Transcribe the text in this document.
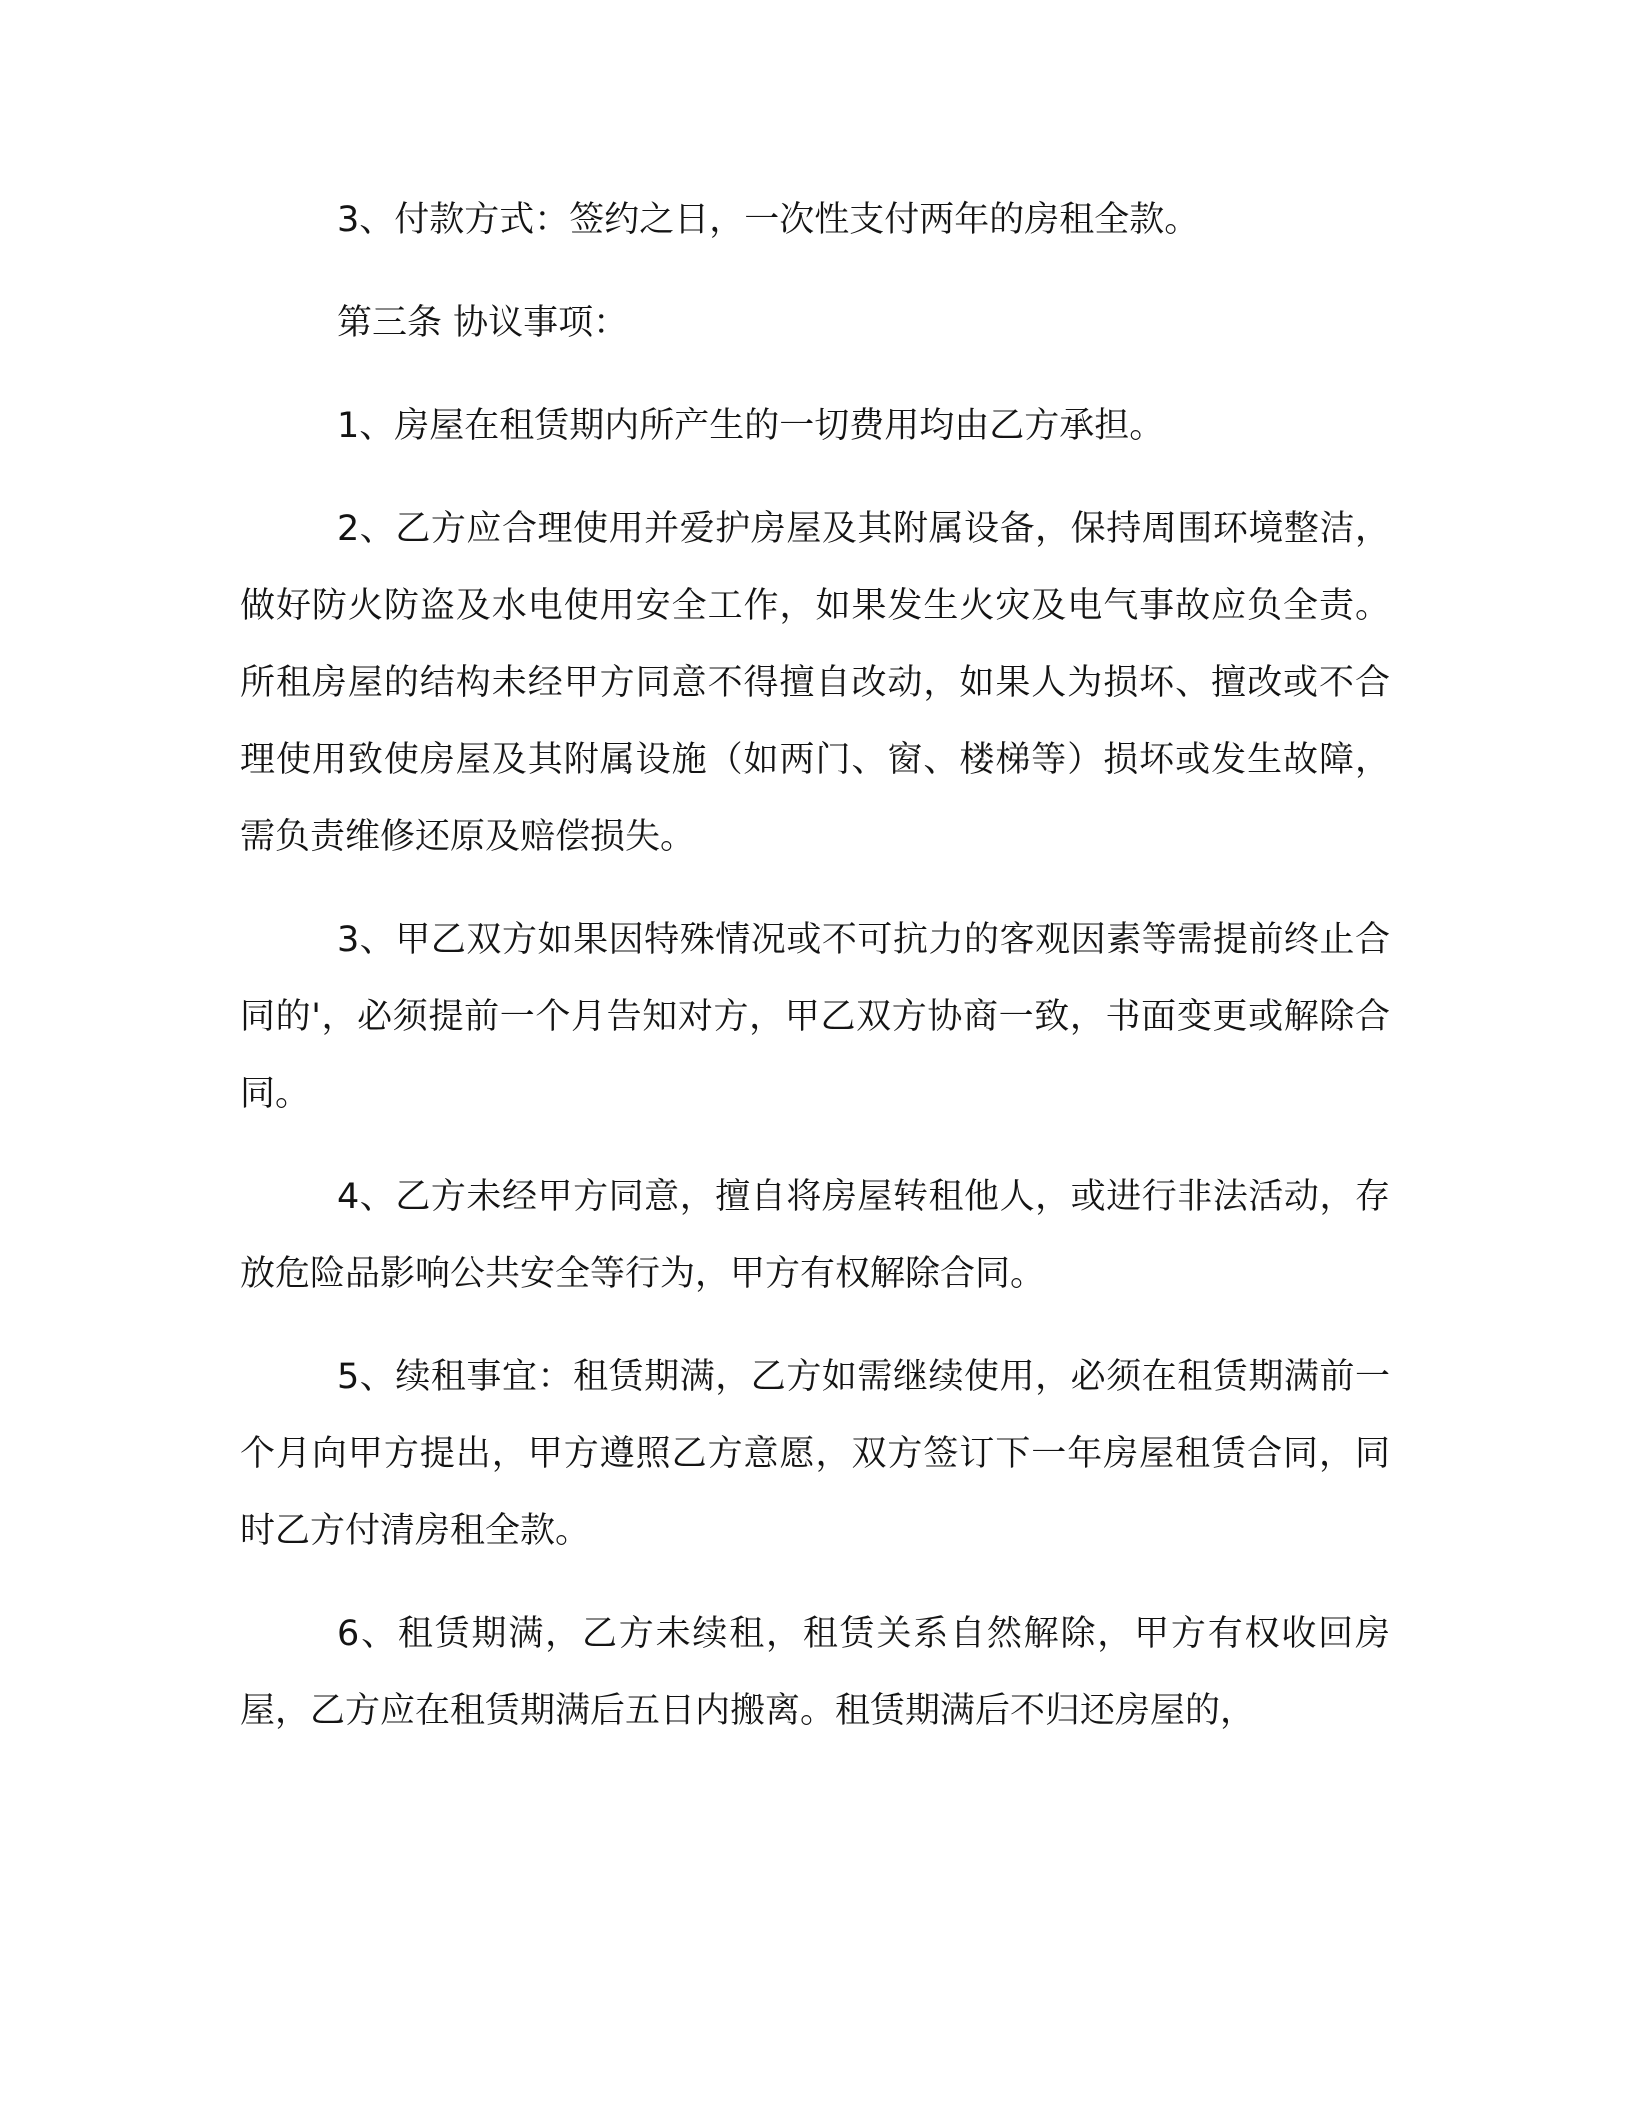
3、付款方式：签约之日，一次性支付两年的房租全款。

第三条 协议事项：

1、房屋在租赁期内所产生的一切费用均由乙方承担。

2、乙方应合理使用并爱护房屋及其附属设备，保持周围环境整洁，做好防火防盗及水电使用安全工作，如果发生火灾及电气事故应负全责。所租房屋的结构未经甲方同意不得擅自改动，如果人为损坏、擅改或不合理使用致使房屋及其附属设施（如两门、窗、楼梯等）损坏或发生故障，需负责维修还原及赔偿损失。

3、甲乙双方如果因特殊情况或不可抗力的客观因素等需提前终止合同的'，必须提前一个月告知对方，甲乙双方协商一致，书面变更或解除合同。

4、乙方未经甲方同意，擅自将房屋转租他人，或进行非法活动，存放危险品影响公共安全等行为，甲方有权解除合同。

5、续租事宜：租赁期满，乙方如需继续使用，必须在租赁期满前一个月向甲方提出，甲方遵照乙方意愿，双方签订下一年房屋租赁合同，同时乙方付清房租全款。

6、租赁期满，乙方未续租，租赁关系自然解除，甲方有权收回房屋，乙方应在租赁期满后五日内搬离。租赁期满后不归还房屋的，
